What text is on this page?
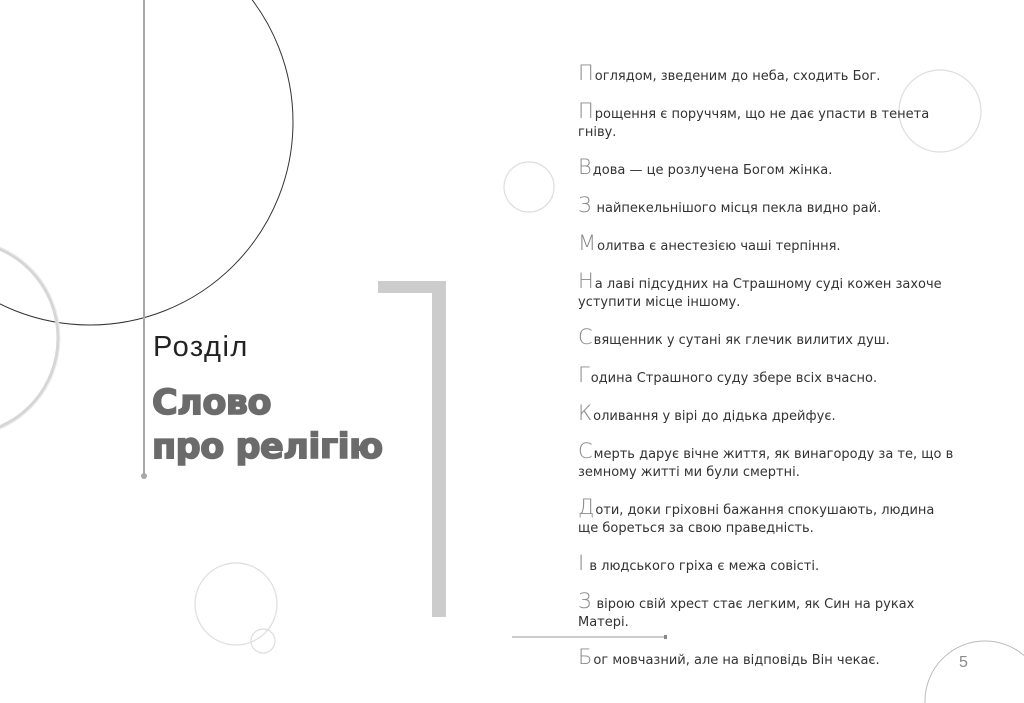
Розділ
Слово
про релігію

Поглядом, зведеним до неба, сходить Бог.

Прощення є поруччям, що не дає упасти в тенета гніву.

Вдова — це розлучена Богом жінка.

З найпекельнішого місця пекла видно рай.

Молитва є анестезією чаші терпіння.

На лаві підсудних на Страшному суді кожен захоче уступити місце іншому.

Священник у сутані як глечик вилитих душ.

Година Страшного суду збере всіх вчасно.

Коливання у вірі до дідька дрейфує.

Смерть дарує вічне життя, як винагороду за те, що в земному житті ми були смертні.

Доти, доки гріховні бажання спокушають, людина ще бореться за свою праведність.

І в людського гріха є межа совісті.

З вірою свій хрест стає легким, як Син на руках Матері.

Бог мовчазний, але на відповідь Він чекає.	5
